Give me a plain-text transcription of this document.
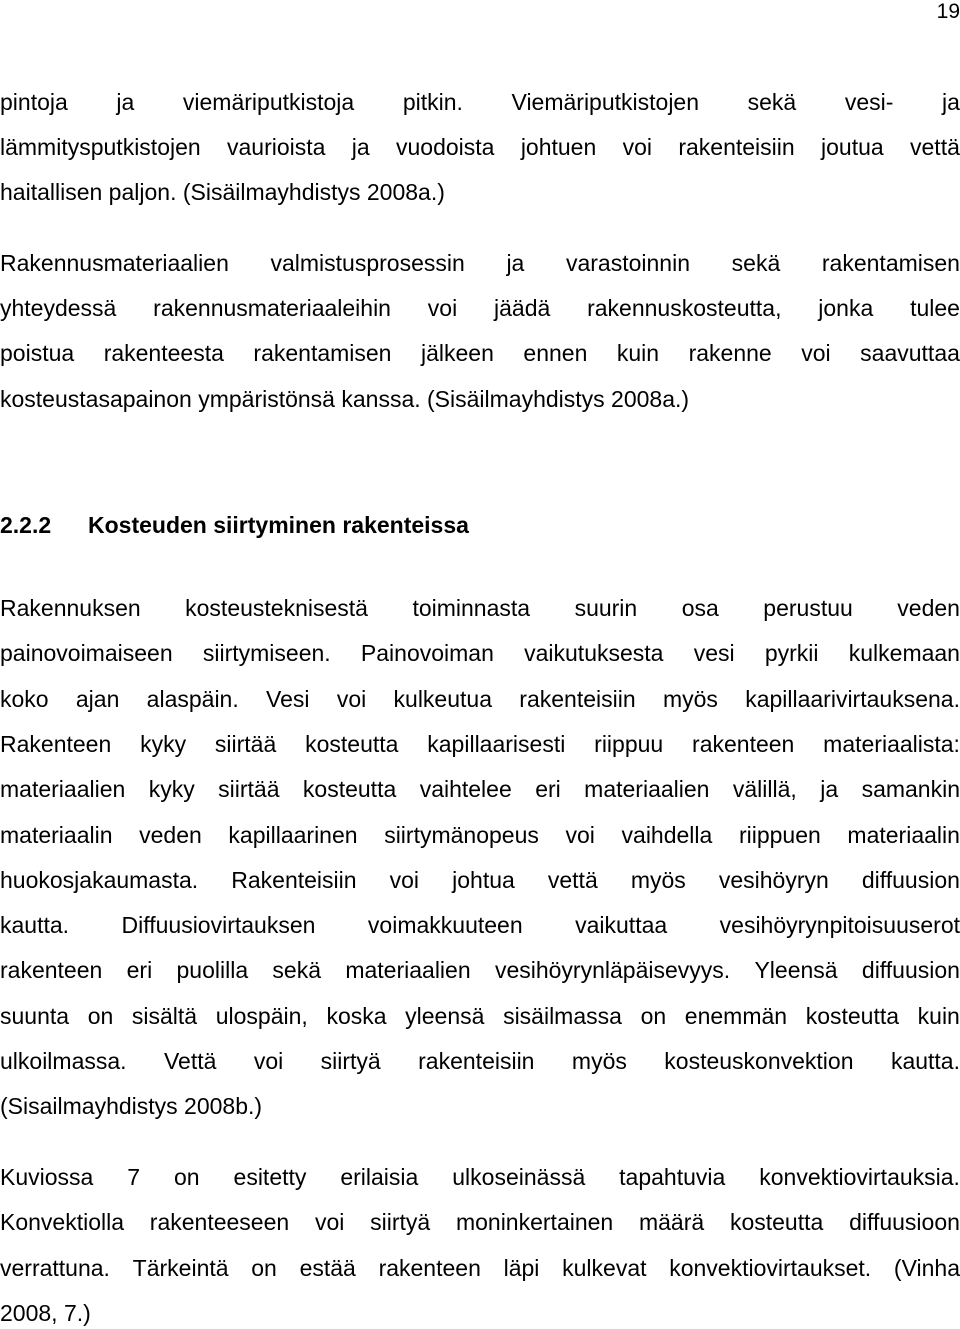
19
pintoja ja viemäriputkistoja pitkin. Viemäriputkistojen sekä vesi- ja
lämmitysputkistojen vaurioista ja vuodoista johtuen voi rakenteisiin joutua vettä
haitallisen paljon. (Sisäilmayhdistys 2008a.)
Rakennusmateriaalien valmistusprosessin ja varastoinnin sekä rakentamisen
yhteydessä rakennusmateriaaleihin voi jäädä rakennuskosteutta, jonka tulee
poistua rakenteesta rakentamisen jälkeen ennen kuin rakenne voi saavuttaa
kosteustasapainon ympäristönsä kanssa. (Sisäilmayhdistys 2008a.)
2.2.2 Kosteuden siirtyminen rakenteissa
Rakennuksen kosteusteknisestä toiminnasta suurin osa perustuu veden
painovoimaiseen siirtymiseen. Painovoiman vaikutuksesta vesi pyrkii kulkemaan
koko ajan alaspäin. Vesi voi kulkeutua rakenteisiin myös kapillaarivirtauksena.
Rakenteen kyky siirtää kosteutta kapillaarisesti riippuu rakenteen materiaalista:
materiaalien kyky siirtää kosteutta vaihtelee eri materiaalien välillä, ja samankin
materiaalin veden kapillaarinen siirtymänopeus voi vaihdella riippuen materiaalin
huokosjakaumasta. Rakenteisiin voi johtua vettä myös vesihöyryn diffuusion
kautta. Diffuusiovirtauksen voimakkuuteen vaikuttaa vesihöyrynpitoisuuserot
rakenteen eri puolilla sekä materiaalien vesihöyrynläpäisevyys. Yleensä diffuusion
suunta on sisältä ulospäin, koska yleensä sisäilmassa on enemmän kosteutta kuin
ulkoilmassa. Vettä voi siirtyä rakenteisiin myös kosteuskonvektion kautta.
(Sisailmayhdistys 2008b.)
Kuviossa 7 on esitetty erilaisia ulkoseinässä tapahtuvia konvektiovirtauksia.
Konvektiolla rakenteeseen voi siirtyä moninkertainen määrä kosteutta diffuusioon
verrattuna. Tärkeintä on estää rakenteen läpi kulkevat konvektiovirtaukset. (Vinha
2008, 7.)
